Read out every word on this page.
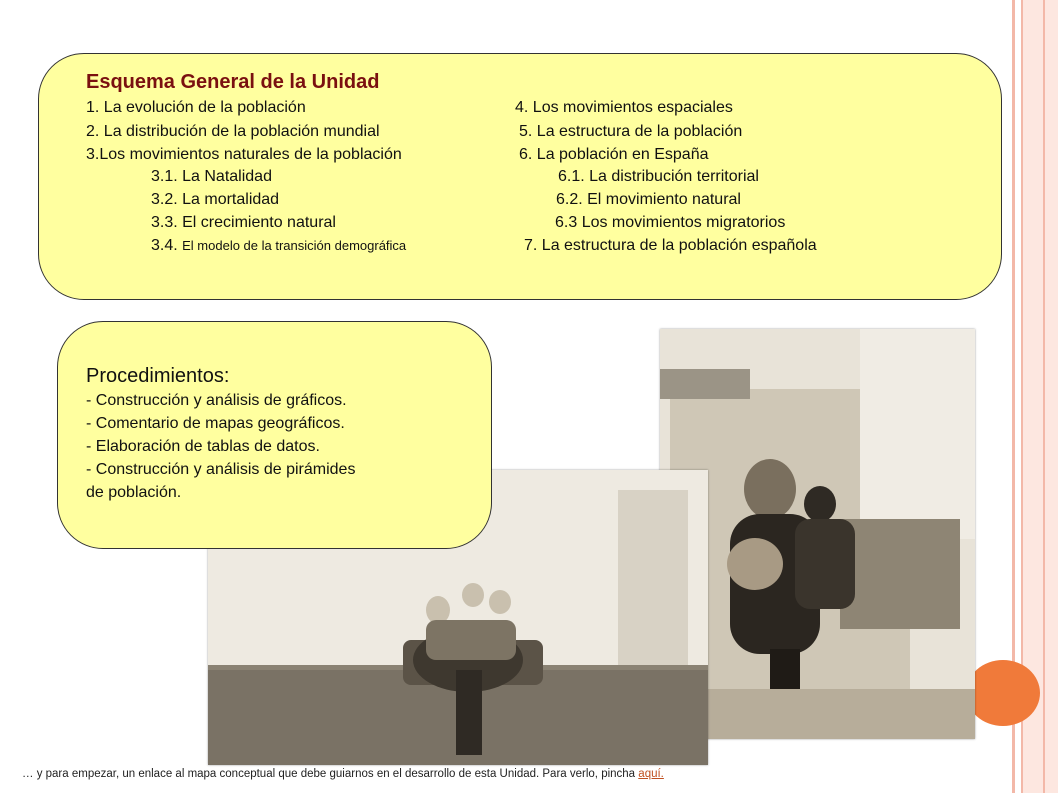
Esquema General de la Unidad
1. La evolución de la población
2. La distribución de la población mundial
3.Los movimientos naturales de la población
3.1. La Natalidad
3.2. La mortalidad
3.3. El crecimiento natural
3.4. El modelo de la transición demográfica
4. Los movimientos espaciales
5. La estructura de la población
6. La población en España
6.1. La distribución territorial
6.2. El movimiento natural
6.3 Los movimientos migratorios
7. La estructura de la población española
Procedimientos:
- Construcción y análisis de gráficos.
- Comentario de mapas geográficos.
- Elaboración de tablas de datos.
- Construcción y análisis de pirámides
de población.
… y para empezar, un enlace al mapa conceptual que debe guiarnos en el desarrollo de esta Unidad. Para verlo, pincha aquí.
